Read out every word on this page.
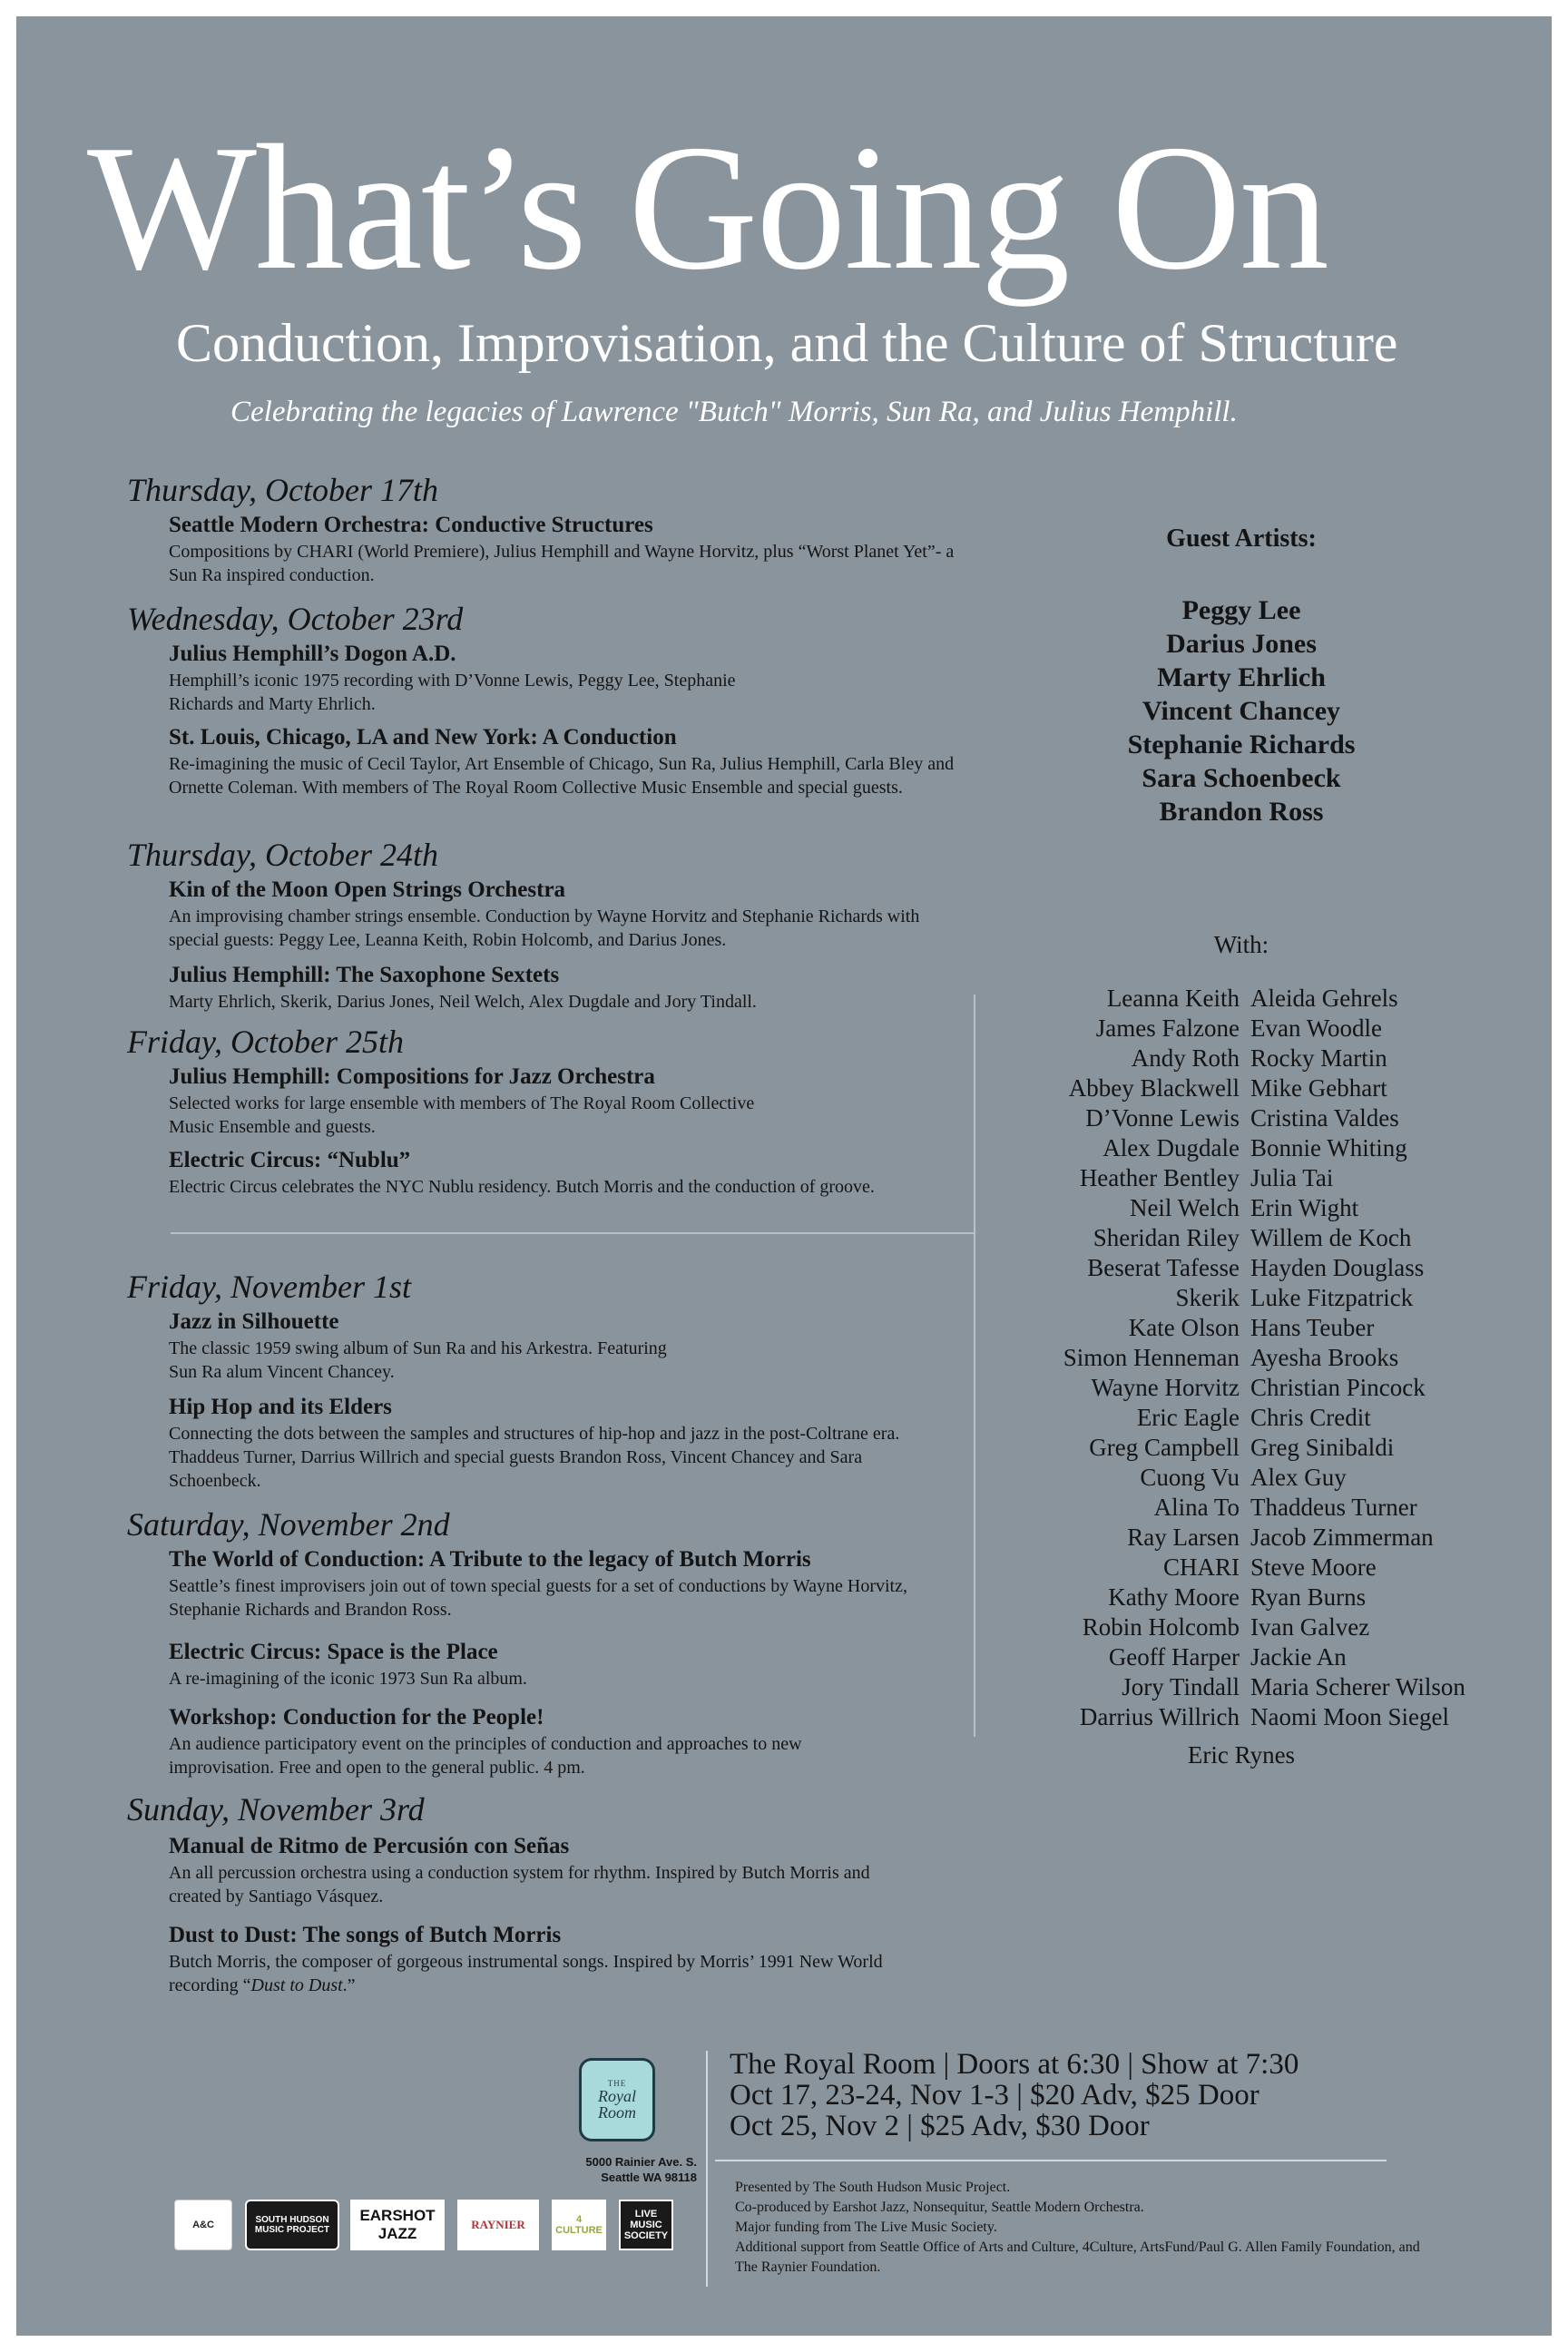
What’s Going On
Conduction, Improvisation, and the Culture of Structure

Celebrating the legacies of Lawrence "Butch" Morris, Sun Ra, and Julius Hemphill.

Thursday, October 17th
Seattle Modern Orchestra: Conductive Structures
Compositions by CHARI (World Premiere), Julius Hemphill and Wayne Horvitz, plus “Worst Planet Yet”- a Sun Ra inspired conduction.
Wednesday, October 23rd
Julius Hemphill’s Dogon A.D.
Hemphill’s iconic 1975 recording with D’Vonne Lewis, Peggy Lee, Stephanie Richards and Marty Ehrlich.
St. Louis, Chicago, LA and New York: A Conduction
Re-imagining the music of Cecil Taylor, Art Ensemble of Chicago, Sun Ra, Julius Hemphill, Carla Bley and Ornette Coleman. With members of The Royal Room Collective Music Ensemble and special guests.
Thursday, October 24th
Kin of the Moon Open Strings Orchestra
An improvising chamber strings ensemble. Conduction by Wayne Horvitz and Stephanie Richards with special guests: Peggy Lee, Leanna Keith, Robin Holcomb, and Darius Jones.
Julius Hemphill: The Saxophone Sextets
Marty Ehrlich, Skerik, Darius Jones, Neil Welch, Alex Dugdale and Jory Tindall.
Friday, October 25th
Julius Hemphill: Compositions for Jazz Orchestra
Selected works for large ensemble with members of The Royal Room Collective Music Ensemble and guests.
Electric Circus: “Nublu”
Electric Circus celebrates the NYC Nublu residency. Butch Morris and the conduction of groove.
Friday, November 1st
Jazz in Silhouette
The classic 1959 swing album of Sun Ra and his Arkestra. Featuring Sun Ra alum Vincent Chancey.
Hip Hop and its Elders
Connecting the dots between the samples and structures of hip-hop and jazz in the post-Coltrane era. Thaddeus Turner, Darrius Willrich and special guests Brandon Ross, Vincent Chancey and Sara Schoenbeck.
Saturday, November 2nd
The World of Conduction: A Tribute to the legacy of Butch Morris
Seattle’s finest improvisers join out of town special guests for a set of conductions by Wayne Horvitz, Stephanie Richards and Brandon Ross.
Electric Circus: Space is the Place
A re-imagining of the iconic 1973 Sun Ra album.
Workshop: Conduction for the People!
An audience participatory event on the principles of conduction and approaches to new improvisation. Free and open to the general public. 4 pm.
Sunday, November 3rd
Manual de Ritmo de Percusión con Señas
An all percussion orchestra using a conduction system for rhythm. Inspired by Butch Morris and created by Santiago Vásquez.
Dust to Dust: The songs of Butch Morris
Butch Morris, the composer of gorgeous instrumental songs. Inspired by Morris’ 1991 New World recording “Dust to Dust.”
Guest Artists:
Peggy Lee
Darius Jones
Marty Ehrlich
Vincent Chancey
Stephanie Richards
Sara Schoenbeck
Brandon Ross
With:
Leanna Keith
James Falzone
Andy Roth
Abbey Blackwell
D’Vonne Lewis
Alex Dugdale
Heather Bentley
Neil Welch
Sheridan Riley
Beserat Tafesse
Skerik
Kate Olson
Simon Henneman
Wayne Horvitz
Eric Eagle
Greg Campbell
Cuong Vu
Alina To
Ray Larsen
CHARI
Kathy Moore
Robin Holcomb
Geoff Harper
Jory Tindall
Darrius Willrich
Aleida Gehrels
Evan Woodle
Rocky Martin
Mike Gebhart
Cristina Valdes
Bonnie Whiting
Julia Tai
Erin Wight
Willem de Koch
Hayden Douglass
Luke Fitzpatrick
Hans Teuber
Ayesha Brooks
Christian Pincock
Chris Credit
Greg Sinibaldi
Alex Guy
Thaddeus Turner
Jacob Zimmerman
Steve Moore
Ryan Burns
Ivan Galvez
Jackie An
Maria Scherer Wilson
Naomi Moon Siegel
Eric Rynes
THE
Royal
Room
5000 Rainier Ave. S.
Seattle WA 98118
The Royal Room | Doors at 6:30 | Show at 7:30
Oct 17, 23-24, Nov 1-3 | $20 Adv, $25 Door
Oct 25, Nov 2 | $25 Adv, $30 Door
Presented by The South Hudson Music Project.
Co-produced by Earshot Jazz, Nonsequitur, Seattle Modern Orchestra.
Major funding from The Live Music Society.
Additional support from Seattle Office of Arts and Culture, 4Culture, ArtsFund/Paul G. Allen Family Foundation, and The Raynier Foundation.
A&C	SOUTH HUDSON MUSIC PROJECT
EARSHOT JAZZ
RAYNIER	4 CULTURE
LIVE MUSIC SOCIETY
